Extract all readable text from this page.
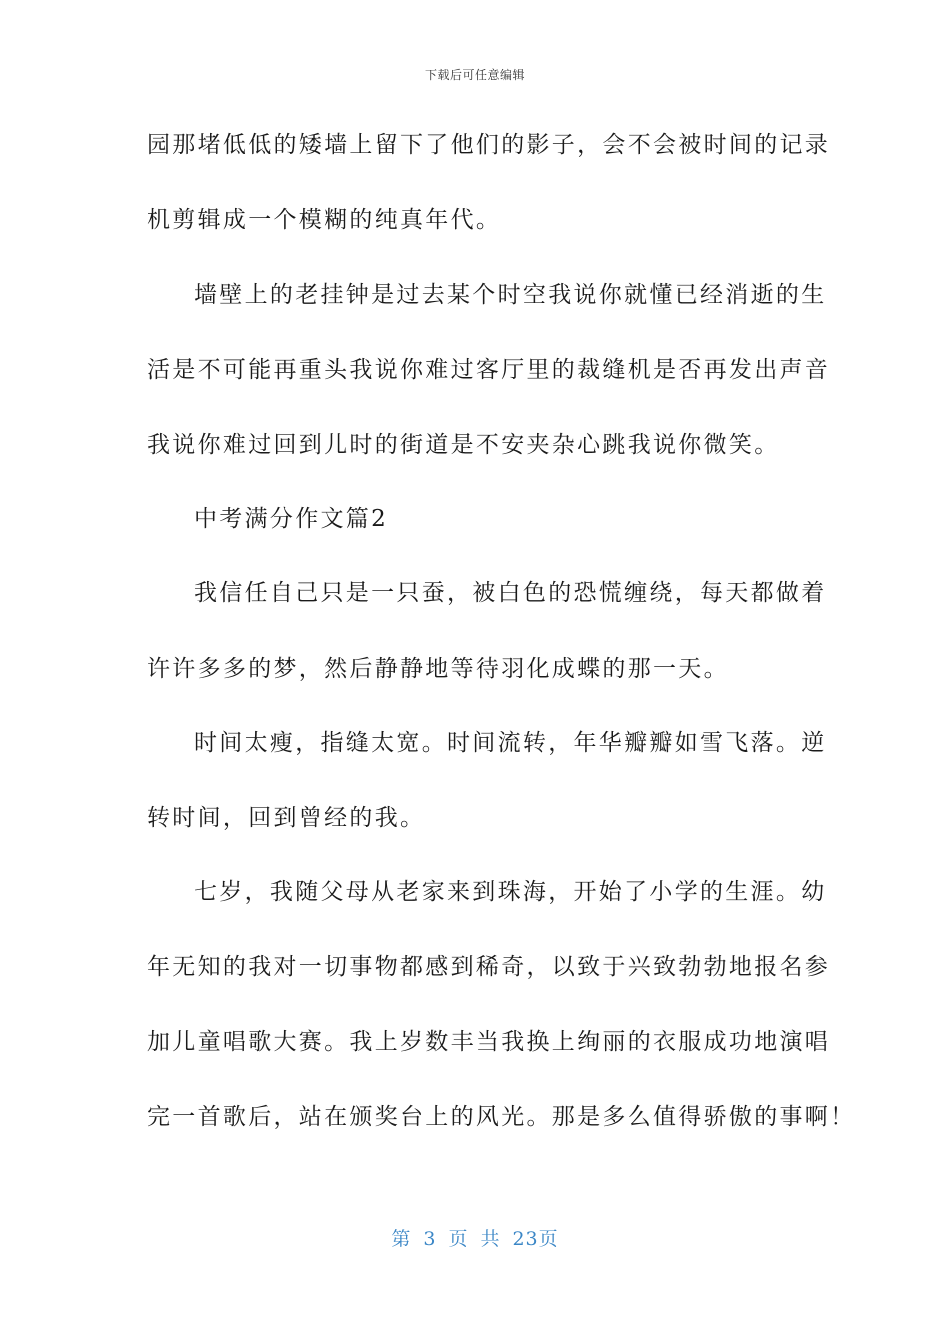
下载后可任意编辑
园那堵低低的矮墙上留下了他们的影子，会不会被时间的记录
机剪辑成一个模糊的纯真年代。
墙壁上的老挂钟是过去某个时空我说你就懂已经消逝的生
活是不可能再重头我说你难过客厅里的裁缝机是否再发出声音
我说你难过回到儿时的街道是不安夹杂心跳我说你微笑。
中考满分作文篇2
我信任自己只是一只蚕，被白色的恐慌缠绕，每天都做着
许许多多的梦，然后静静地等待羽化成蝶的那一天。
时间太瘦，指缝太宽。时间流转，年华瓣瓣如雪飞落。逆
转时间，回到曾经的我。
七岁，我随父母从老家来到珠海，开始了小学的生涯。幼
年无知的我对一切事物都感到稀奇，以致于兴致勃勃地报名参
加儿童唱歌大赛。我上岁数丰当我换上绚丽的衣服成功地演唱
完一首歌后，站在颁奖台上的风光。那是多么值得骄傲的事啊！
第 3 页 共 23页
